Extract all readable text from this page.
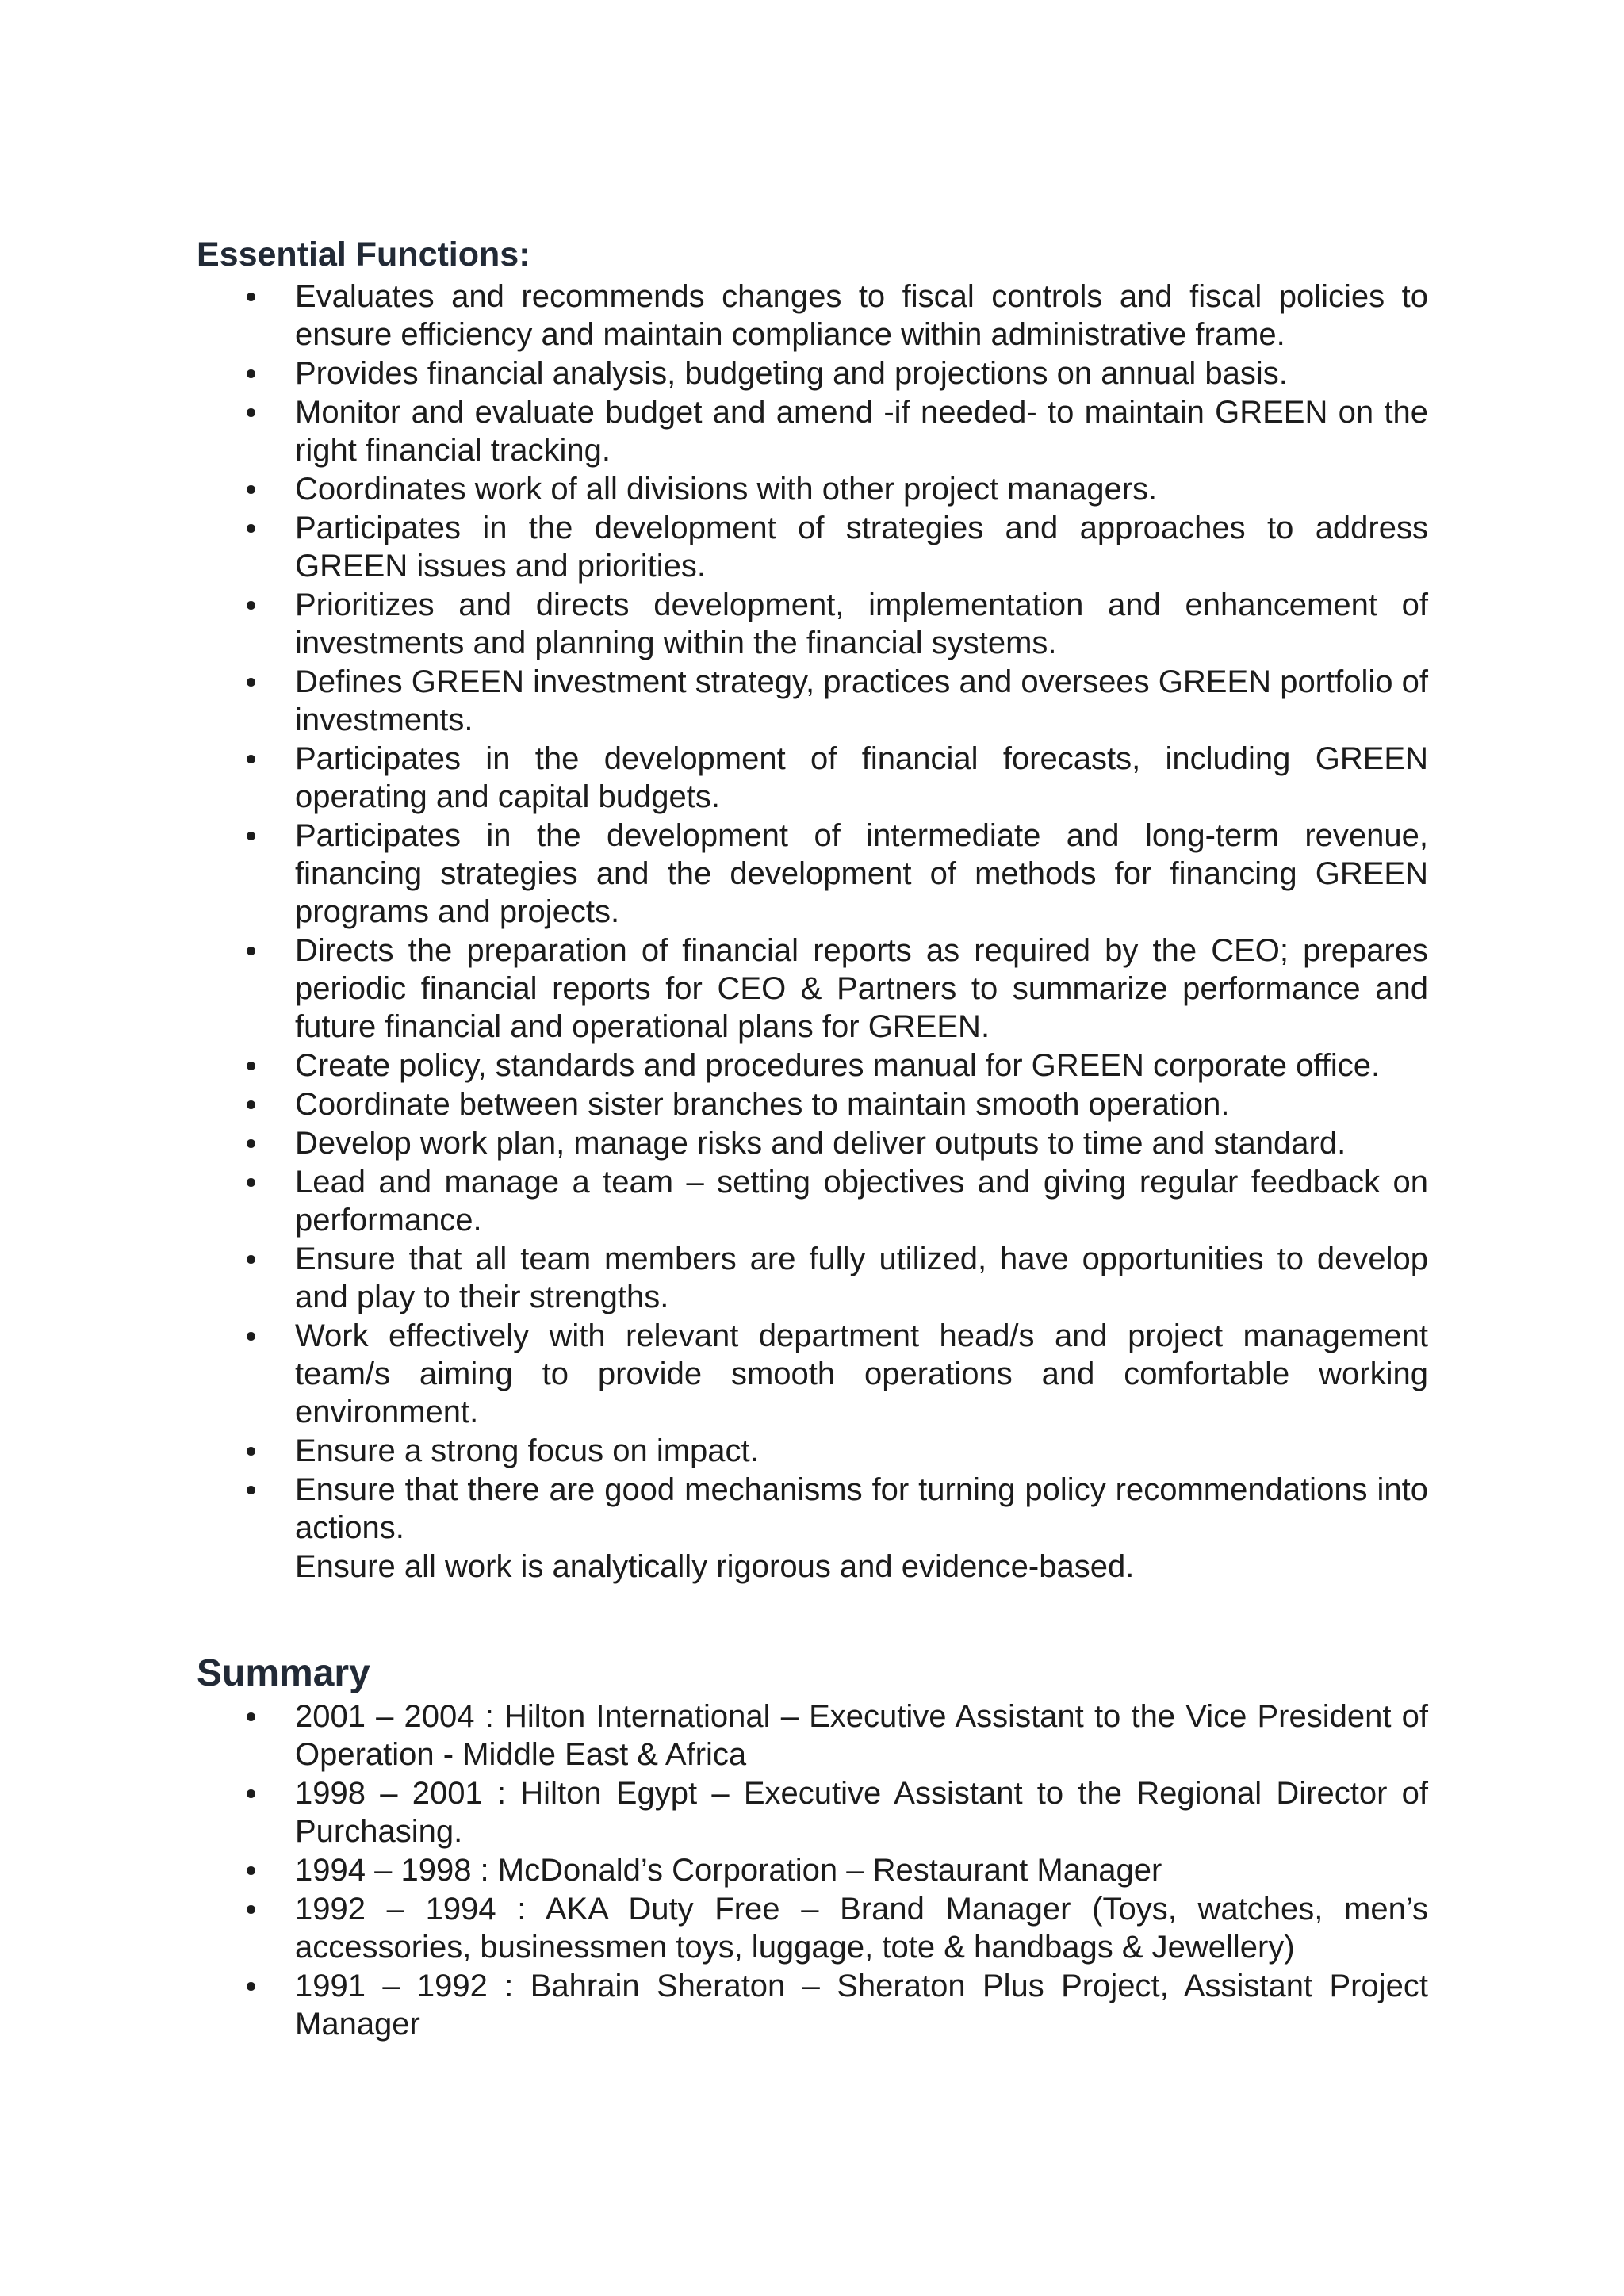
Essential Functions:
Evaluates and recommends changes to fiscal controls and fiscal policies to ensure efficiency and maintain compliance within administrative frame.
Provides financial analysis, budgeting and projections on annual basis.
Monitor and evaluate budget and amend -if needed- to maintain GREEN on the right financial tracking.
Coordinates work of all divisions with other project managers.
Participates in the development of strategies and approaches to address GREEN issues and priorities.
Prioritizes and directs development, implementation and enhancement of investments and planning within the financial systems.
Defines GREEN investment strategy, practices and oversees GREEN portfolio of investments.
Participates in the development of financial forecasts, including GREEN operating and capital budgets.
Participates in the development of intermediate and long-term revenue, financing strategies and the development of methods for financing GREEN programs and projects.
Directs the preparation of financial reports as required by the CEO; prepares periodic financial reports for CEO & Partners to summarize performance and future financial and operational plans for GREEN.
Create policy, standards and procedures manual for GREEN corporate office.
Coordinate between sister branches to maintain smooth operation.
Develop work plan, manage risks and deliver outputs to time and standard.
Lead and manage a team – setting objectives and giving regular feedback on performance.
Ensure that all team members are fully utilized, have opportunities to develop and play to their strengths.
Work effectively with relevant department head/s and project management team/s aiming to provide smooth operations and comfortable working environment.
Ensure a strong focus on impact.
Ensure that there are good mechanisms for turning policy recommendations into actions.
Ensure all work is analytically rigorous and evidence-based.
Summary
2001 – 2004 : Hilton International – Executive Assistant to the Vice President of Operation - Middle East & Africa
1998 – 2001 : Hilton Egypt – Executive Assistant to the Regional Director of Purchasing.
1994 – 1998 : McDonald’s Corporation – Restaurant Manager
1992 – 1994 : AKA Duty Free – Brand Manager (Toys, watches, men’s accessories, businessmen toys, luggage, tote & handbags & Jewellery)
1991 – 1992 : Bahrain Sheraton – Sheraton Plus Project, Assistant Project Manager
